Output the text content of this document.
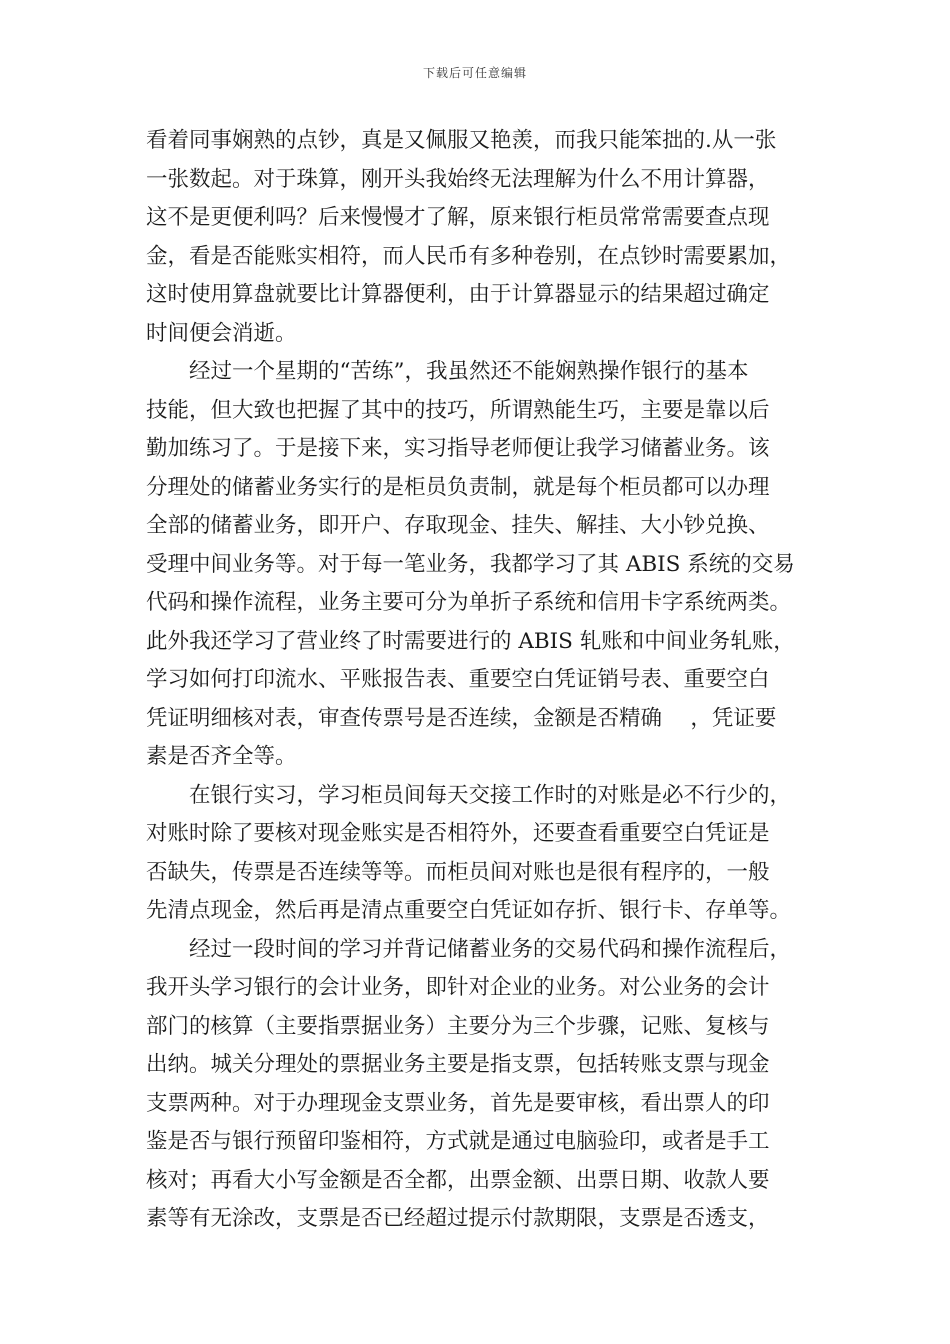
下载后可任意编辑
看着同事娴熟的点钞，真是又佩服又艳羡，而我只能笨拙的.从一张
一张数起。对于珠算，刚开头我始终无法理解为什么不用计算器，
这不是更便利吗？后来慢慢才了解，原来银行柜员常常需要查点现
金，看是否能账实相符，而人民币有多种卷别，在点钞时需要累加，
这时使用算盘就要比计算器便利，由于计算器显示的结果超过确定
时间便会消逝。
经过一个星期的“苦练”，我虽然还不能娴熟操作银行的基本
技能，但大致也把握了其中的技巧，所谓熟能生巧，主要是靠以后
勤加练习了。于是接下来，实习指导老师便让我学习储蓄业务。该
分理处的储蓄业务实行的是柜员负责制，就是每个柜员都可以办理
全部的储蓄业务，即开户、存取现金、挂失、解挂、大小钞兑换、
受理中间业务等。对于每一笔业务，我都学习了其 ABIS 系统的交易
代码和操作流程，业务主要可分为单折子系统和信用卡字系统两类。
此外我还学习了营业终了时需要进行的 ABIS 轧账和中间业务轧账，
学习如何打印流水、平账报告表、重要空白凭证销号表、重要空白
凭证明细核对表，审查传票号是否连续，金额是否精确　 ，凭证要
素是否齐全等。
在银行实习，学习柜员间每天交接工作时的对账是必不行少的，
对账时除了要核对现金账实是否相符外，还要查看重要空白凭证是
否缺失，传票是否连续等等。而柜员间对账也是很有程序的，一般
先清点现金，然后再是清点重要空白凭证如存折、银行卡、存单等。
经过一段时间的学习并背记储蓄业务的交易代码和操作流程后，
我开头学习银行的会计业务，即针对企业的业务。对公业务的会计
部门的核算（主要指票据业务）主要分为三个步骤，记账、复核与
出纳。城关分理处的票据业务主要是指支票，包括转账支票与现金
支票两种。对于办理现金支票业务，首先是要审核，看出票人的印
鉴是否与银行预留印鉴相符，方式就是通过电脑验印，或者是手工
核对；再看大小写金额是否全都，出票金额、出票日期、收款人要
素等有无涂改，支票是否已经超过提示付款期限，支票是否透支，
